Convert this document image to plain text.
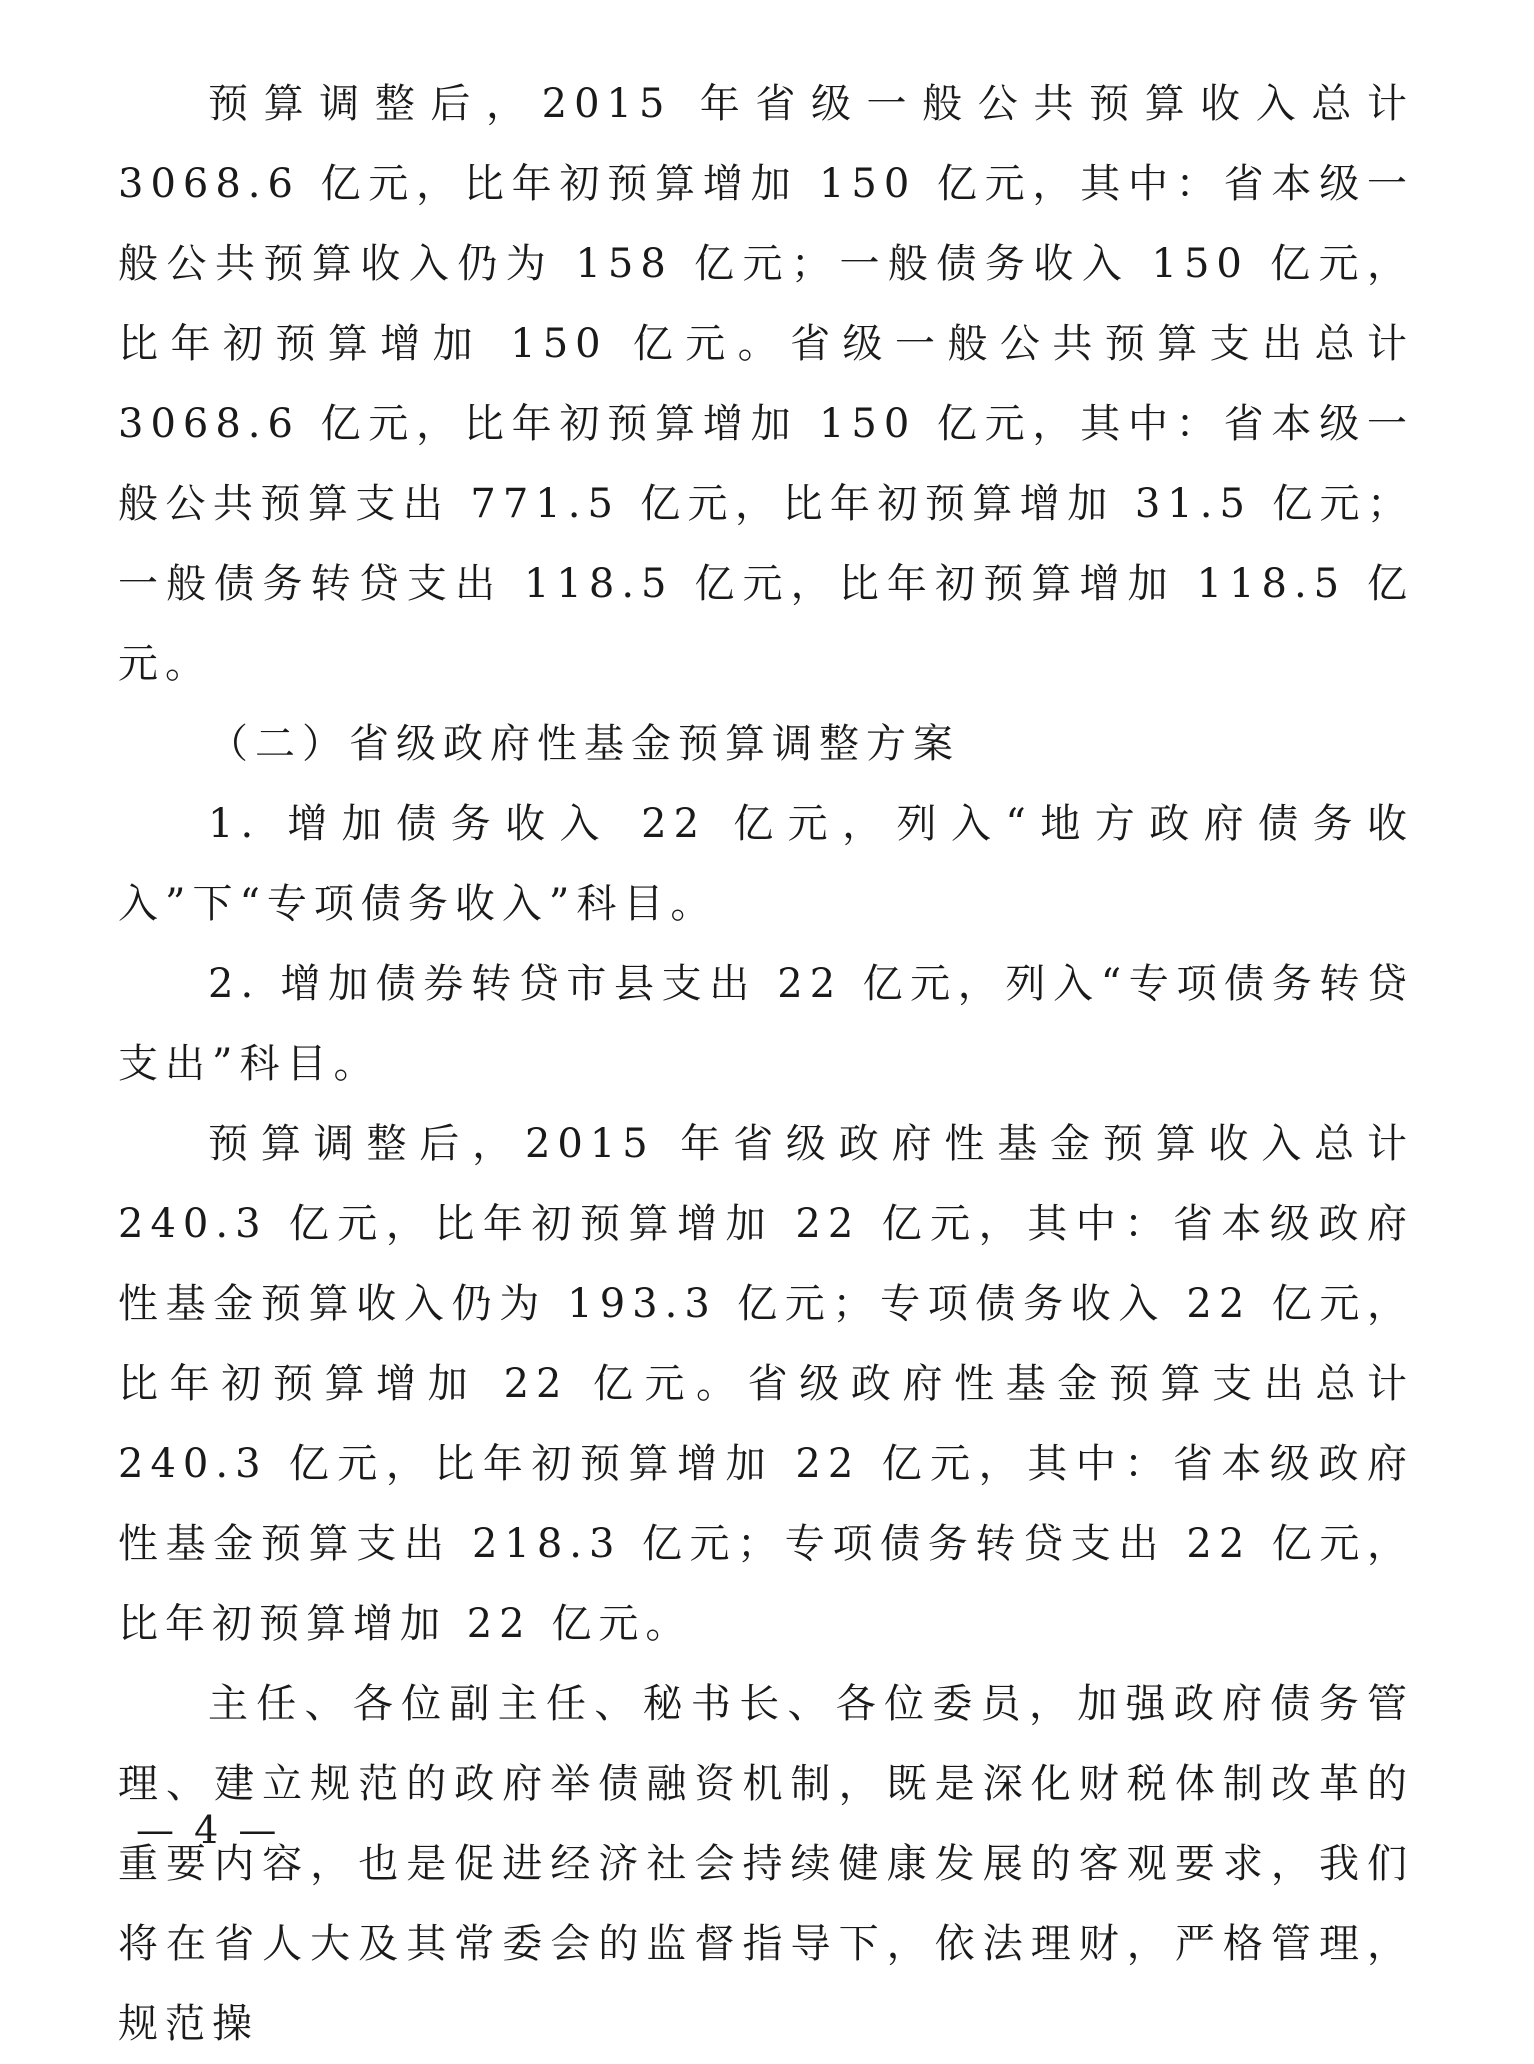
预算调整后，2015 年省级一般公共预算收入总计 3068.6 亿元，比年初预算增加 150 亿元，其中：省本级一般公共预算收入仍为 158 亿元；一般债务收入 150 亿元，比年初预算增加 150 亿元。省级一般公共预算支出总计 3068.6 亿元，比年初预算增加 150 亿元，其中：省本级一般公共预算支出 771.5 亿元，比年初预算增加 31.5 亿元；一般债务转贷支出 118.5 亿元，比年初预算增加 118.5 亿元。

（二）省级政府性基金预算调整方案

1. 增加债务收入 22 亿元，列入“地方政府债务收入”下“专项债务收入”科目。

2. 增加债券转贷市县支出 22 亿元，列入“专项债务转贷支出”科目。

预算调整后，2015 年省级政府性基金预算收入总计 240.3 亿元，比年初预算增加 22 亿元，其中：省本级政府性基金预算收入仍为 193.3 亿元；专项债务收入 22 亿元，比年初预算增加 22 亿元。省级政府性基金预算支出总计 240.3 亿元，比年初预算增加 22 亿元，其中：省本级政府性基金预算支出 218.3 亿元；专项债务转贷支出 22 亿元，比年初预算增加 22 亿元。

主任、各位副主任、秘书长、各位委员，加强政府债务管理、建立规范的政府举债融资机制，既是深化财税体制改革的重要内容，也是促进经济社会持续健康发展的客观要求，我们将在省人大及其常委会的监督指导下，依法理财，严格管理，规范操

— 4 —
